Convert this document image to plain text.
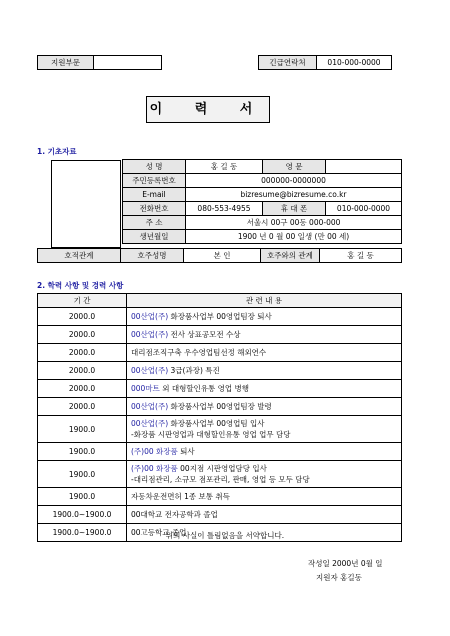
지원부문		긴급연락처	010-000-0000
이 력 서
1. 기초자료
성 명	홍 길 동	영 문	
주민등록번호	000000-0000000		
E-mail	bizresume@bizresume.co.kr		
전화번호	080-553-4955	휴 대 폰	010-000-0000
주 소	서울시 00구 00동 000-000		
생년월일	1900 년 0 월 00 일생 (만 00 세)		
호적관계	호주성명	본 인	호주와의 관계	홍 길 동
2. 학력 사항 및 경력 사항
기 간	관 련 내 용
2000.0	00산업(주) 화장품사업부 00영업팀장 퇴사

2000.0	00산업(주) 전사 상표공모전 수상

2000.0	대리점조직구축 우수영업팀선정 해외연수

2000.0	00산업(주) 3급(과장) 특진

2000.0	000마트 외 대형할인유통 영업 병행

2000.0	00산업(주) 화장품사업부 00영업팀장 발령

1900.0	00산업(주) 화장품사업부 00영업팀 입사
-화장품 시판영업과 대형할인유통 영업 업무 담당

1900.0	(주)00 화장품 퇴사

1900.0	(주)00 화장품 00지점 시판영업담당 입사
-대리점관리, 소규모 점포관리, 판매, 영업 등 모두 담당

1900.0	자동차운전면허 1종 보통 취득

1900.0~1900.0	00대학교 전자공학과 졸업

1900.0~1900.0	00고등학교 졸업
위의 사실이 틀림없음을 서약합니다.
작성일 2000년 0월 일
지원자 홍길동
